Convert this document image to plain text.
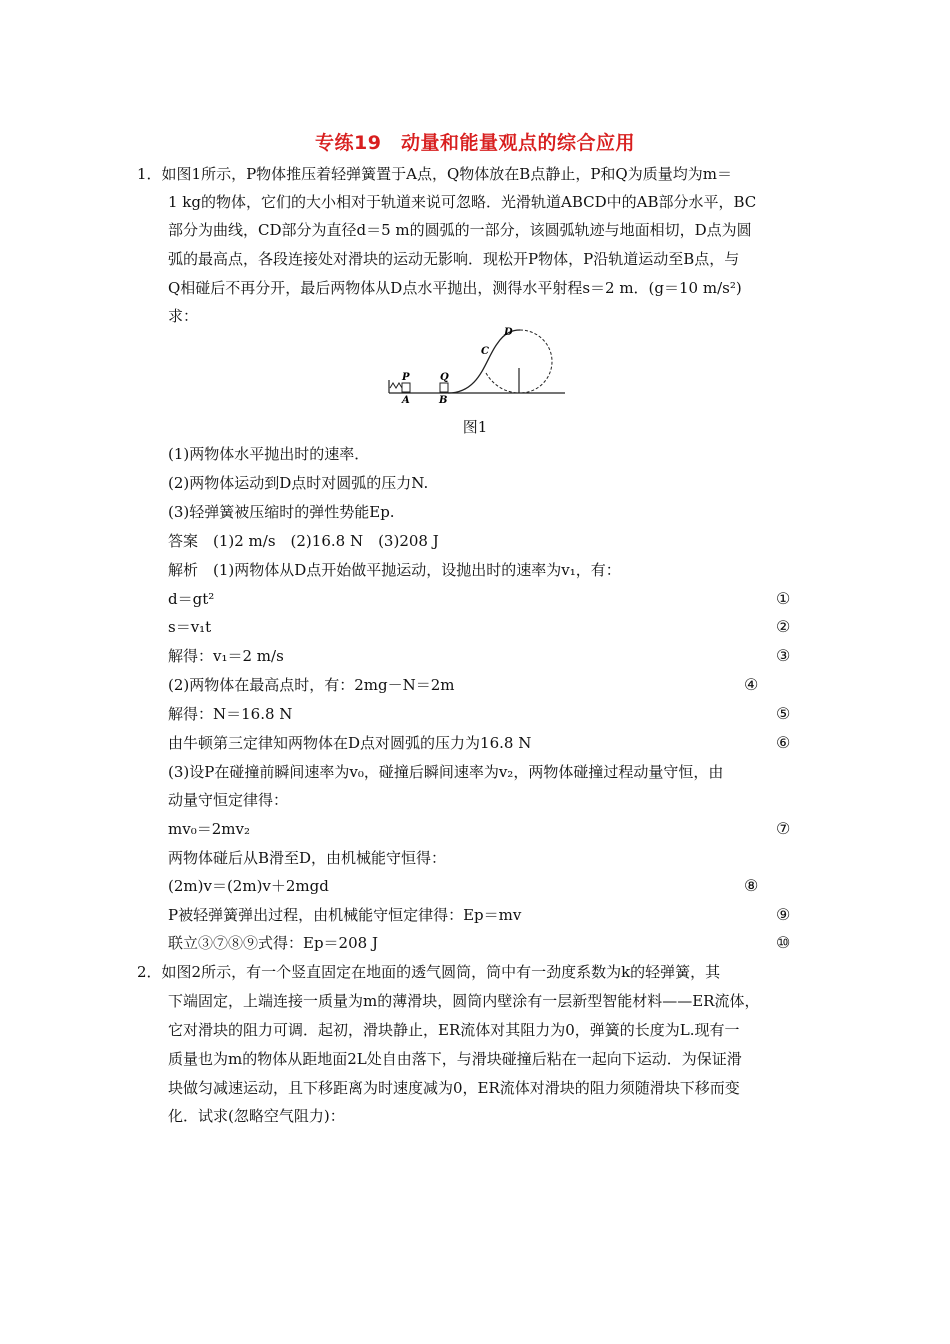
专练19　动量和能量观点的综合应用
1．如图1所示，P物体推压着轻弹簧置于A点，Q物体放在B点静止，P和Q为质量均为m＝
1 kg的物体，它们的大小相对于轨道来说可忽略．光滑轨道ABCD中的AB部分水平，BC
部分为曲线，CD部分为直径d＝5 m的圆弧的一部分，该圆弧轨迹与地面相切，D点为圆
弧的最高点，各段连接处对滑块的运动无影响．现松开P物体，P沿轨道运动至B点，与
Q相碰后不再分开，最后两物体从D点水平抛出，测得水平射程s＝2 m．(g＝10 m/s²)
求：
P	Q
A	B
C
D
图1
(1)两物体水平抛出时的速率．
(2)两物体运动到D点时对圆弧的压力N.
(3)轻弹簧被压缩时的弹性势能Ep.
答案　(1)2 m/s　(2)16.8 N　(3)208 J
解析　(1)两物体从D点开始做平抛运动，设抛出时的速率为v₁，有：
d＝gt²	①
s＝v₁t	②
解得：v₁＝2 m/s	③
(2)两物体在最高点时，有：2mg－N＝2m	④
解得：N＝16.8 N	⑤
由牛顿第三定律知两物体在D点对圆弧的压力为16.8 N	⑥
(3)设P在碰撞前瞬间速率为v₀，碰撞后瞬间速率为v₂，两物体碰撞过程动量守恒，由
动量守恒定律得：
mv₀＝2mv₂	⑦
两物体碰后从B滑至D，由机械能守恒得：
(2m)v＝(2m)v＋2mgd	⑧
P被轻弹簧弹出过程，由机械能守恒定律得：Ep＝mv	⑨
联立③⑦⑧⑨式得：Ep＝208 J	⑩
2．如图2所示，有一个竖直固定在地面的透气圆筒，筒中有一劲度系数为k的轻弹簧，其
下端固定，上端连接一质量为m的薄滑块，圆筒内壁涂有一层新型智能材料——ER流体，
它对滑块的阻力可调．起初，滑块静止，ER流体对其阻力为0，弹簧的长度为L.现有一
质量也为m的物体从距地面2L处自由落下，与滑块碰撞后粘在一起向下运动．为保证滑
块做匀减速运动，且下移距离为时速度减为0，ER流体对滑块的阻力须随滑块下移而变
化．试求(忽略空气阻力)：
